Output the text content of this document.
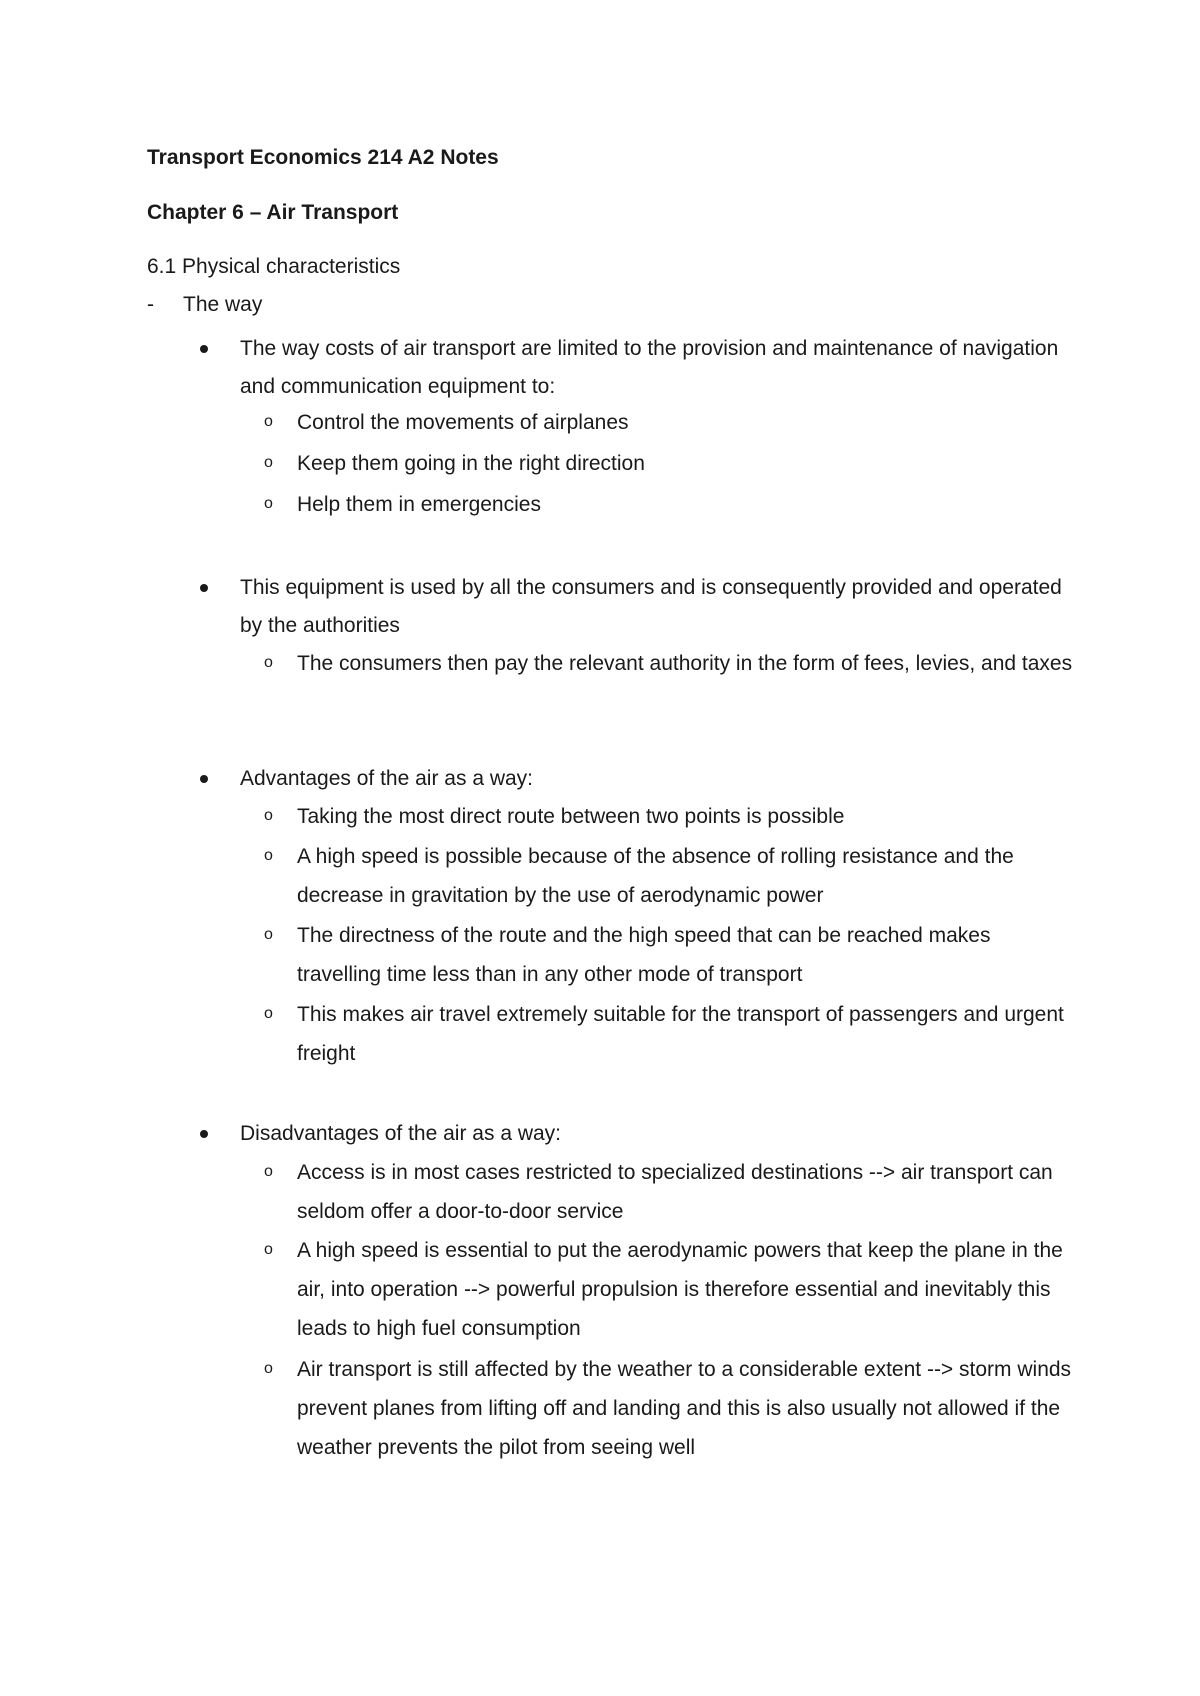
Transport Economics 214 A2 Notes
Chapter 6 – Air Transport
6.1 Physical characteristics
- The way
The way costs of air transport are limited to the provision and maintenance of navigation and communication equipment to:
o Control the movements of airplanes
o Keep them going in the right direction
o Help them in emergencies
This equipment is used by all the consumers and is consequently provided and operated by the authorities
o The consumers then pay the relevant authority in the form of fees, levies, and taxes
Advantages of the air as a way:
o Taking the most direct route between two points is possible
o A high speed is possible because of the absence of rolling resistance and the decrease in gravitation by the use of aerodynamic power
o The directness of the route and the high speed that can be reached makes travelling time less than in any other mode of transport
o This makes air travel extremely suitable for the transport of passengers and urgent freight
Disadvantages of the air as a way:
o Access is in most cases restricted to specialized destinations --> air transport can seldom offer a door-to-door service
o A high speed is essential to put the aerodynamic powers that keep the plane in the air, into operation --> powerful propulsion is therefore essential and inevitably this leads to high fuel consumption
o Air transport is still affected by the weather to a considerable extent --> storm winds prevent planes from lifting off and landing and this is also usually not allowed if the weather prevents the pilot from seeing well
